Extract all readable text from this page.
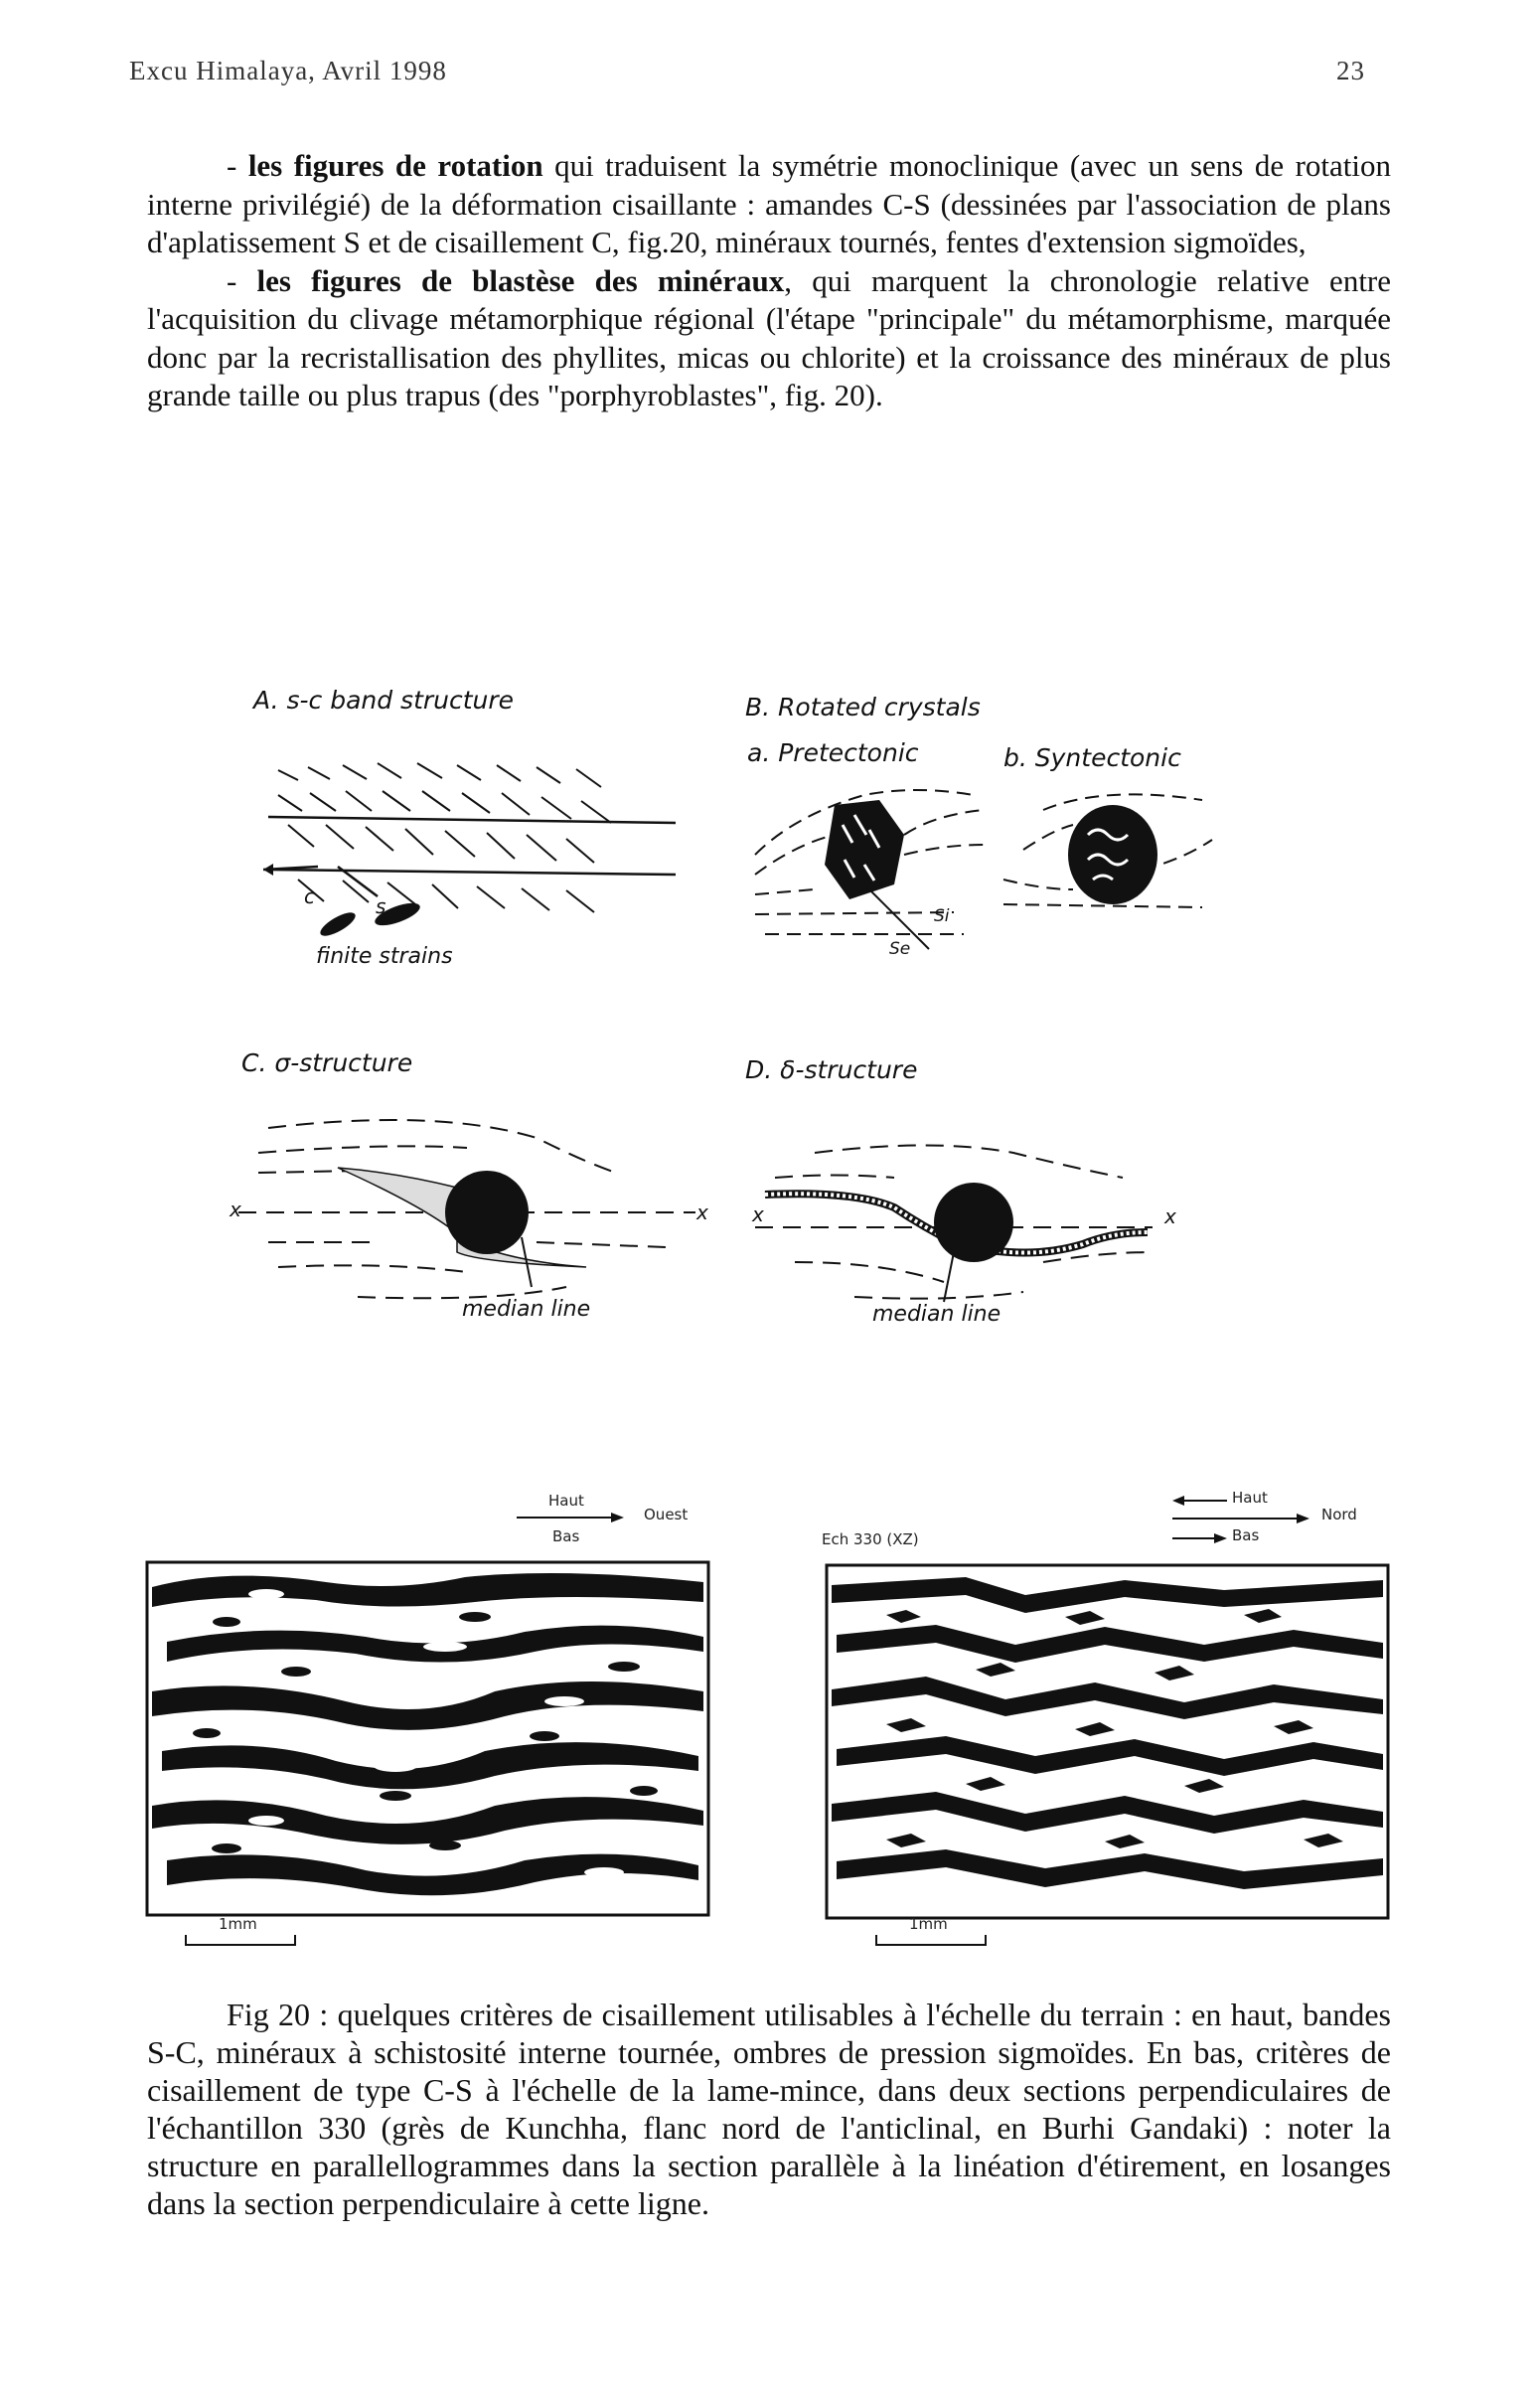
Excu Himalaya, Avril 1998	23

- les figures de rotation qui traduisent la symétrie monoclinique (avec un sens de rotation interne privilégié) de la déformation cisaillante : amandes C-S (dessinées par l'association de plans d'aplatissement S et de cisaillement C, fig.20, minéraux tournés, fentes d'extension sigmoïdes,

- les figures de blastèse des minéraux, qui marquent la chronologie relative entre l'acquisition du clivage métamorphique régional (l'étape "principale" du métamorphisme, marquée donc par la recristallisation des phyllites, micas ou chlorite) et la croissance des minéraux de plus grande taille ou plus trapus (des "porphyroblastes", fig. 20).

A. s-c band structure
c	s
finite strains
B. Rotated crystals
a. Pretectonic	b. Syntectonic
Si
Se
C. σ-structure
x	x
median line
D. δ-structure
x	x
median line
Haut
Ouest
Bas
1mm
Ech 330 (XZ)
Haut
Nord
Bas
1mm
Fig 20 : quelques critères de cisaillement utilisables à l'échelle du terrain : en haut, bandes S-C, minéraux à schistosité interne tournée, ombres de pression sigmoïdes. En bas, critères de cisaillement de type C-S à l'échelle de la lame-mince, dans deux sections perpendiculaires de l'échantillon 330 (grès de Kunchha, flanc nord de l'anticlinal, en Burhi Gandaki) : noter la structure en parallellogrammes dans la section parallèle à la linéation d'étirement, en losanges dans la section perpendiculaire à cette ligne.
